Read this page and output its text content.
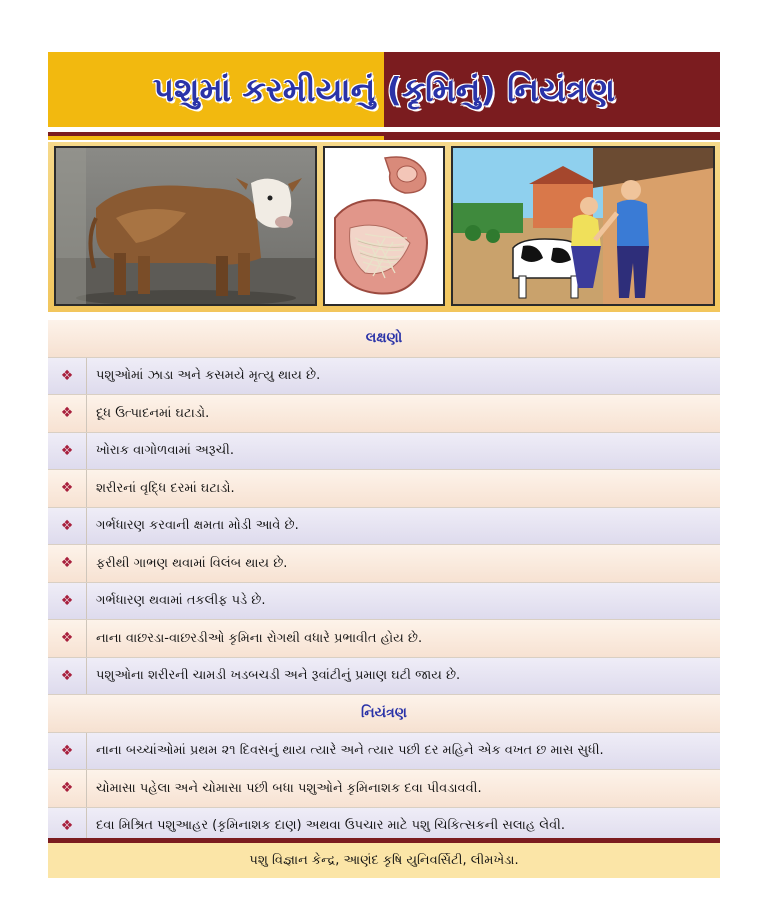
પશુમાં કરમીયાનું (કૃમિનું) નિયંત્રણ
લક્ષણો
❖	પશુઓમાં ઝાડા અને કસમયે મૃત્યુ થાય છે.
❖	દૂધ ઉત્પાદનમાં ઘટાડો.
❖	ખોરાક વાગોળવામાં અરૂચી.
❖	શરીરનાં વૃદ્ધિ દરમાં ઘટાડો.
❖	ગર્ભધારણ કરવાની ક્ષમતા મોડી આવે છે.
❖	ફરીથી ગાભણ થવામાં વિલંબ થાય છે.
❖	ગર્ભધારણ થવામાં તકલીફ પડે છે.
❖	નાના વાછરડા-વાછરડીઓ કૃમિના રોગથી વધારે પ્રભાવીત હોય છે.
❖	પશુઓના શરીરની ચામડી ખડબચડી અને રૂવાંટીનું પ્રમાણ ઘટી જાય છે.
નિયંત્રણ
❖	નાના બચ્ચાંઓમાં પ્રથમ ૨૧ દિવસનું થાય ત્યારે અને ત્યાર પછી દર મહિને એક વખત છ માસ સુધી.
❖	ચોમાસા પહેલા અને ચોમાસા પછી બધા પશુઓને કૃમિનાશક દવા પીવડાવવી.
❖	દવા મિશ્રિત પશુઆહર (કૃમિનાશક દાણ) અથવા ઉપચાર માટે પશુ ચિકિત્સકની સલાહ લેવી.
પશુ વિજ્ઞાન કેન્દ્ર, આણંદ કૃષિ યુનિવર્સિટી, લીમખેડા.
